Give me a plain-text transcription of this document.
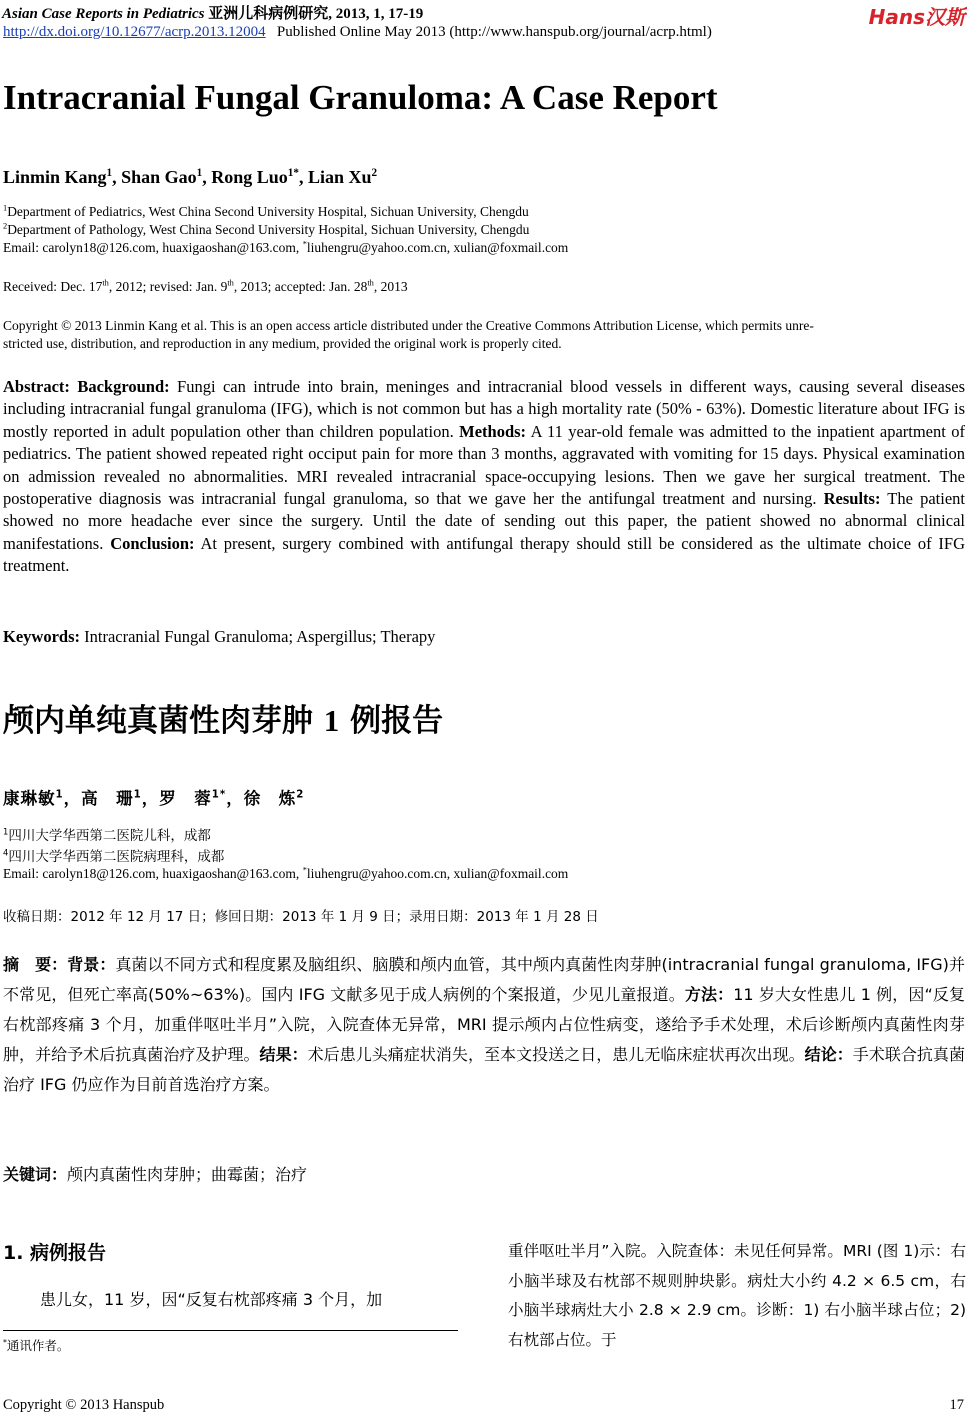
Asian Case Reports in Pediatrics 亚洲儿科病例研究, 2013, 1, 17-19	Hans汉斯
http://dx.doi.org/10.12677/acrp.2013.12004 Published Online May 2013 (http://www.hanspub.org/journal/acrp.html)
Intracranial Fungal Granuloma: A Case Report
Linmin Kang$^1$, Shan Gao$^1$, Rong Luo$^{1*}$, Lian Xu$^2$
$^1$Department of Pediatrics, West China Second University Hospital, Sichuan University, Chengdu
$^2$Department of Pathology, West China Second University Hospital, Sichuan University, Chengdu
Email: carolyn18@126.com, huaxigaoshan@163.com, *liuhengru@yahoo.com.cn, xulian@foxmail.com
Received: Dec. 17th, 2012; revised: Jan. 9th, 2013; accepted: Jan. 28th, 2013
Copyright © 2013 Linmin Kang et al. This is an open access article distributed under the Creative Commons Attribution License, which permits unre-
stricted use, distribution, and reproduction in any medium, provided the original work is properly cited.
Abstract: Background: Fungi can intrude into brain, meninges and intracranial blood vessels in different ways, causing several diseases including intracranial fungal granuloma (IFG), which is not common but has a high mortality rate (50% - 63%). Domestic literature about IFG is mostly reported in adult population other than children population. Methods: A 11 year-old female was admitted to the inpatient apartment of pediatrics. The patient showed repeated right occiput pain for more than 3 months, aggravated with vomiting for 15 days. Physical examination on admission revealed no abnormalities. MRI revealed intracranial space-occupying lesions. Then we gave her surgical treatment. The postoperative diagnosis was intracranial fungal granuloma, so that we gave her the antifungal treatment and nursing. Results: The patient showed no more headache ever since the surgery. Until the date of sending out this paper, the patient showed no abnormal clinical manifestations. Conclusion: At present, surgery combined with antifungal therapy should still be considered as the ultimate choice of IFG treatment.
Keywords: Intracranial Fungal Granuloma; Aspergillus; Therapy
颅内单纯真菌性肉芽肿 1 例报告
康琳敏$^1$，高　珊$^1$，罗　蓉$^{1*}$，徐　炼$^2$
$^1$四川大学华西第二医院儿科，成都
$^4$四川大学华西第二医院病理科，成都
Email: carolyn18@126.com, huaxigaoshan@163.com, *liuhengru@yahoo.com.cn, xulian@foxmail.com
收稿日期：2012 年 12 月 17 日；修回日期：2013 年 1 月 9 日；录用日期：2013 年 1 月 28 日
摘　要：背景：真菌以不同方式和程度累及脑组织、脑膜和颅内血管，其中颅内真菌性肉芽肿(intracranial fungal granuloma, IFG)并不常见，但死亡率高(50%~63%)。国内 IFG 文献多见于成人病例的个案报道，少见儿童报道。方法：11 岁大女性患儿 1 例，因“反复右枕部疼痛 3 个月，加重伴呕吐半月”入院，入院查体无异常，MRI 提示颅内占位性病变，遂给予手术处理，术后诊断颅内真菌性肉芽肿，并给予术后抗真菌治疗及护理。结果：术后患儿头痛症状消失，至本文投送之日，患儿无临床症状再次出现。结论：手术联合抗真菌治疗 IFG 仍应作为目前首选治疗方案。
关键词：颅内真菌性肉芽肿；曲霉菌；治疗
1. 病例报告
患儿女，11 岁，因“反复右枕部疼痛 3 个月，加
重伴呕吐半月”入院。入院查体：未见任何异常。MRI (图 1)示：右小脑半球及右枕部不规则肿块影。病灶大小约 4.2 × 6.5 cm，右小脑半球病灶大小 2.8 × 2.9 cm。诊断：1) 右小脑半球占位；2) 右枕部占位。于
*通讯作者。
Copyright © 2013 Hanspub	17
